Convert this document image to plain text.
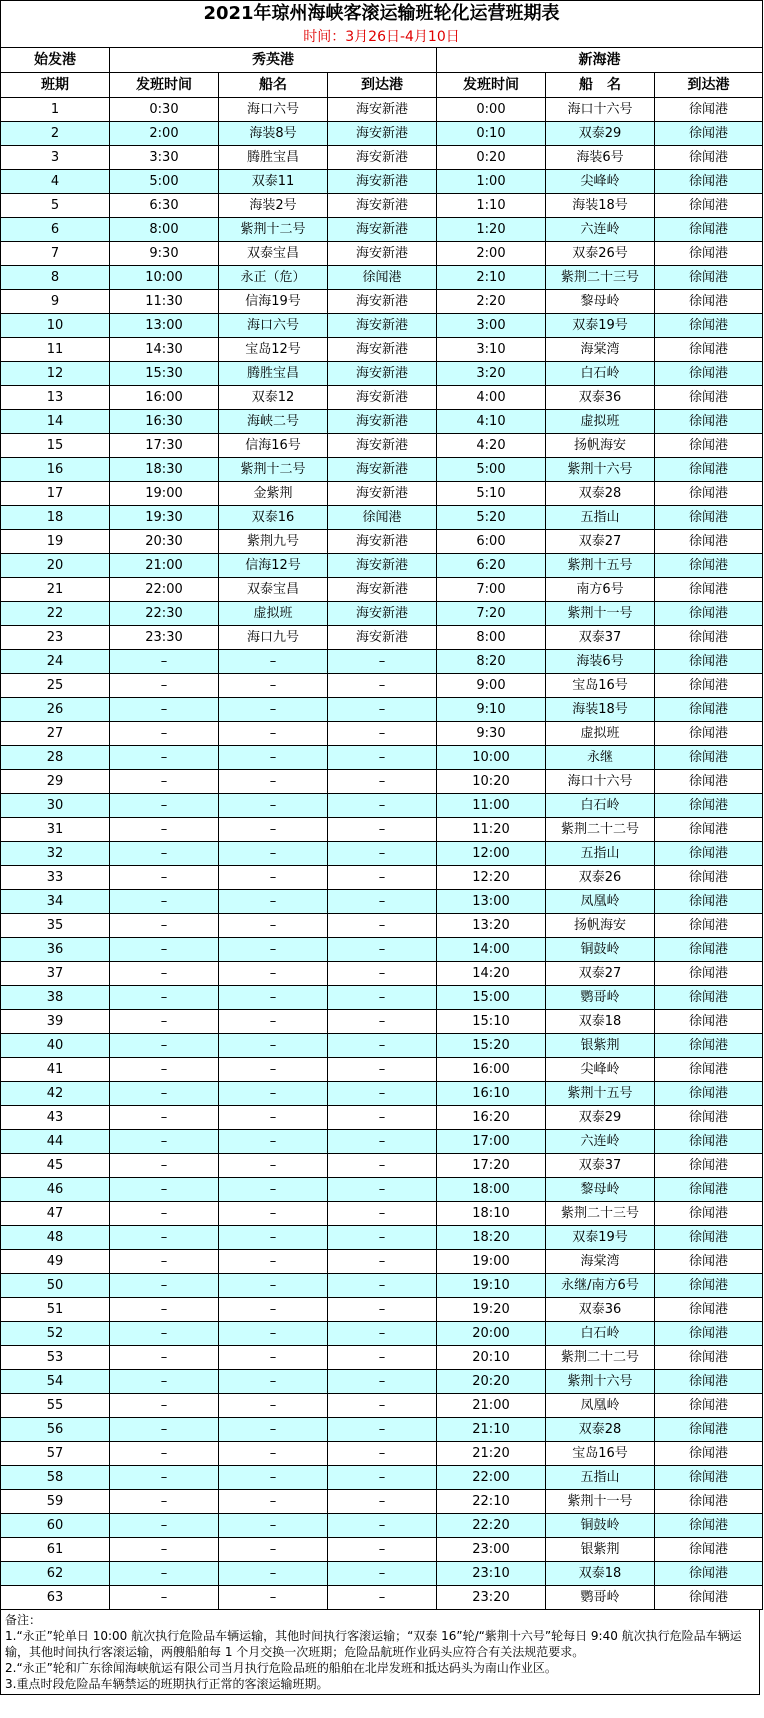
2021年琼州海峡客滚运输班轮化运营班期表						
时间：3月26日-4月10日						
始发港	秀英港			新海港		
班期	发班时间	船名	到达港	发班时间	船　名	到达港
1	0:30	海口六号	海安新港	0:00	海口十六号	徐闻港
2	2:00	海装8号	海安新港	0:10	双泰29	徐闻港
3	3:30	腾胜宝昌	海安新港	0:20	海装6号	徐闻港
4	5:00	双泰11	海安新港	1:00	尖峰岭	徐闻港
5	6:30	海装2号	海安新港	1:10	海装18号	徐闻港
6	8:00	紫荆十二号	海安新港	1:20	六连岭	徐闻港
7	9:30	双泰宝昌	海安新港	2:00	双泰26号	徐闻港
8	10:00	永正（危）	徐闻港	2:10	紫荆二十三号	徐闻港
9	11:30	信海19号	海安新港	2:20	黎母岭	徐闻港
10	13:00	海口六号	海安新港	3:00	双泰19号	徐闻港
11	14:30	宝岛12号	海安新港	3:10	海棠湾	徐闻港
12	15:30	腾胜宝昌	海安新港	3:20	白石岭	徐闻港
13	16:00	双泰12	海安新港	4:00	双泰36	徐闻港
14	16:30	海峡二号	海安新港	4:10	虚拟班	徐闻港
15	17:30	信海16号	海安新港	4:20	扬帆海安	徐闻港
16	18:30	紫荆十二号	海安新港	5:00	紫荆十六号	徐闻港
17	19:00	金紫荆	海安新港	5:10	双泰28	徐闻港
18	19:30	双泰16	徐闻港	5:20	五指山	徐闻港
19	20:30	紫荆九号	海安新港	6:00	双泰27	徐闻港
20	21:00	信海12号	海安新港	6:20	紫荆十五号	徐闻港
21	22:00	双泰宝昌	海安新港	7:00	南方6号	徐闻港
22	22:30	虚拟班	海安新港	7:20	紫荆十一号	徐闻港
23	23:30	海口九号	海安新港	8:00	双泰37	徐闻港
24	–	–	–	8:20	海装6号	徐闻港
25	–	–	–	9:00	宝岛16号	徐闻港
26	–	–	–	9:10	海装18号	徐闻港
27	–	–	–	9:30	虚拟班	徐闻港
28	–	–	–	10:00	永继	徐闻港
29	–	–	–	10:20	海口十六号	徐闻港
30	–	–	–	11:00	白石岭	徐闻港
31	–	–	–	11:20	紫荆二十二号	徐闻港
32	–	–	–	12:00	五指山	徐闻港
33	–	–	–	12:20	双泰26	徐闻港
34	–	–	–	13:00	凤凰岭	徐闻港
35	–	–	–	13:20	扬帆海安	徐闻港
36	–	–	–	14:00	铜鼓岭	徐闻港
37	–	–	–	14:20	双泰27	徐闻港
38	–	–	–	15:00	鹦哥岭	徐闻港
39	–	–	–	15:10	双泰18	徐闻港
40	–	–	–	15:20	银紫荆	徐闻港
41	–	–	–	16:00	尖峰岭	徐闻港
42	–	–	–	16:10	紫荆十五号	徐闻港
43	–	–	–	16:20	双泰29	徐闻港
44	–	–	–	17:00	六连岭	徐闻港
45	–	–	–	17:20	双泰37	徐闻港
46	–	–	–	18:00	黎母岭	徐闻港
47	–	–	–	18:10	紫荆二十三号	徐闻港
48	–	–	–	18:20	双泰19号	徐闻港
49	–	–	–	19:00	海棠湾	徐闻港
50	–	–	–	19:10	永继/南方6号	徐闻港
51	–	–	–	19:20	双泰36	徐闻港
52	–	–	–	20:00	白石岭	徐闻港
53	–	–	–	20:10	紫荆二十二号	徐闻港
54	–	–	–	20:20	紫荆十六号	徐闻港
55	–	–	–	21:00	凤凰岭	徐闻港
56	–	–	–	21:10	双泰28	徐闻港
57	–	–	–	21:20	宝岛16号	徐闻港
58	–	–	–	22:00	五指山	徐闻港
59	–	–	–	22:10	紫荆十一号	徐闻港
60	–	–	–	22:20	铜鼓岭	徐闻港
61	–	–	–	23:00	银紫荆	徐闻港
62	–	–	–	23:10	双泰18	徐闻港
63	–	–	–	23:20	鹦哥岭	徐闻港
备注：
1.“永正”轮单日 10:00 航次执行危险品车辆运输，其他时间执行客滚运输；“双泰 16”轮/“紫荆十六号”轮每日 9:40 航次执行危险品车辆运输，其他时间执行客滚运输，两艘船舶每 1 个月交换一次班期；危险品航班作业码头应符合有关法规范要求。
2.“永正”轮和广东徐闻海峡航运有限公司当月执行危险品班的船舶在北岸发班和抵达码头为南山作业区。
3.重点时段危险品车辆禁运的班期执行正常的客滚运输班期。
